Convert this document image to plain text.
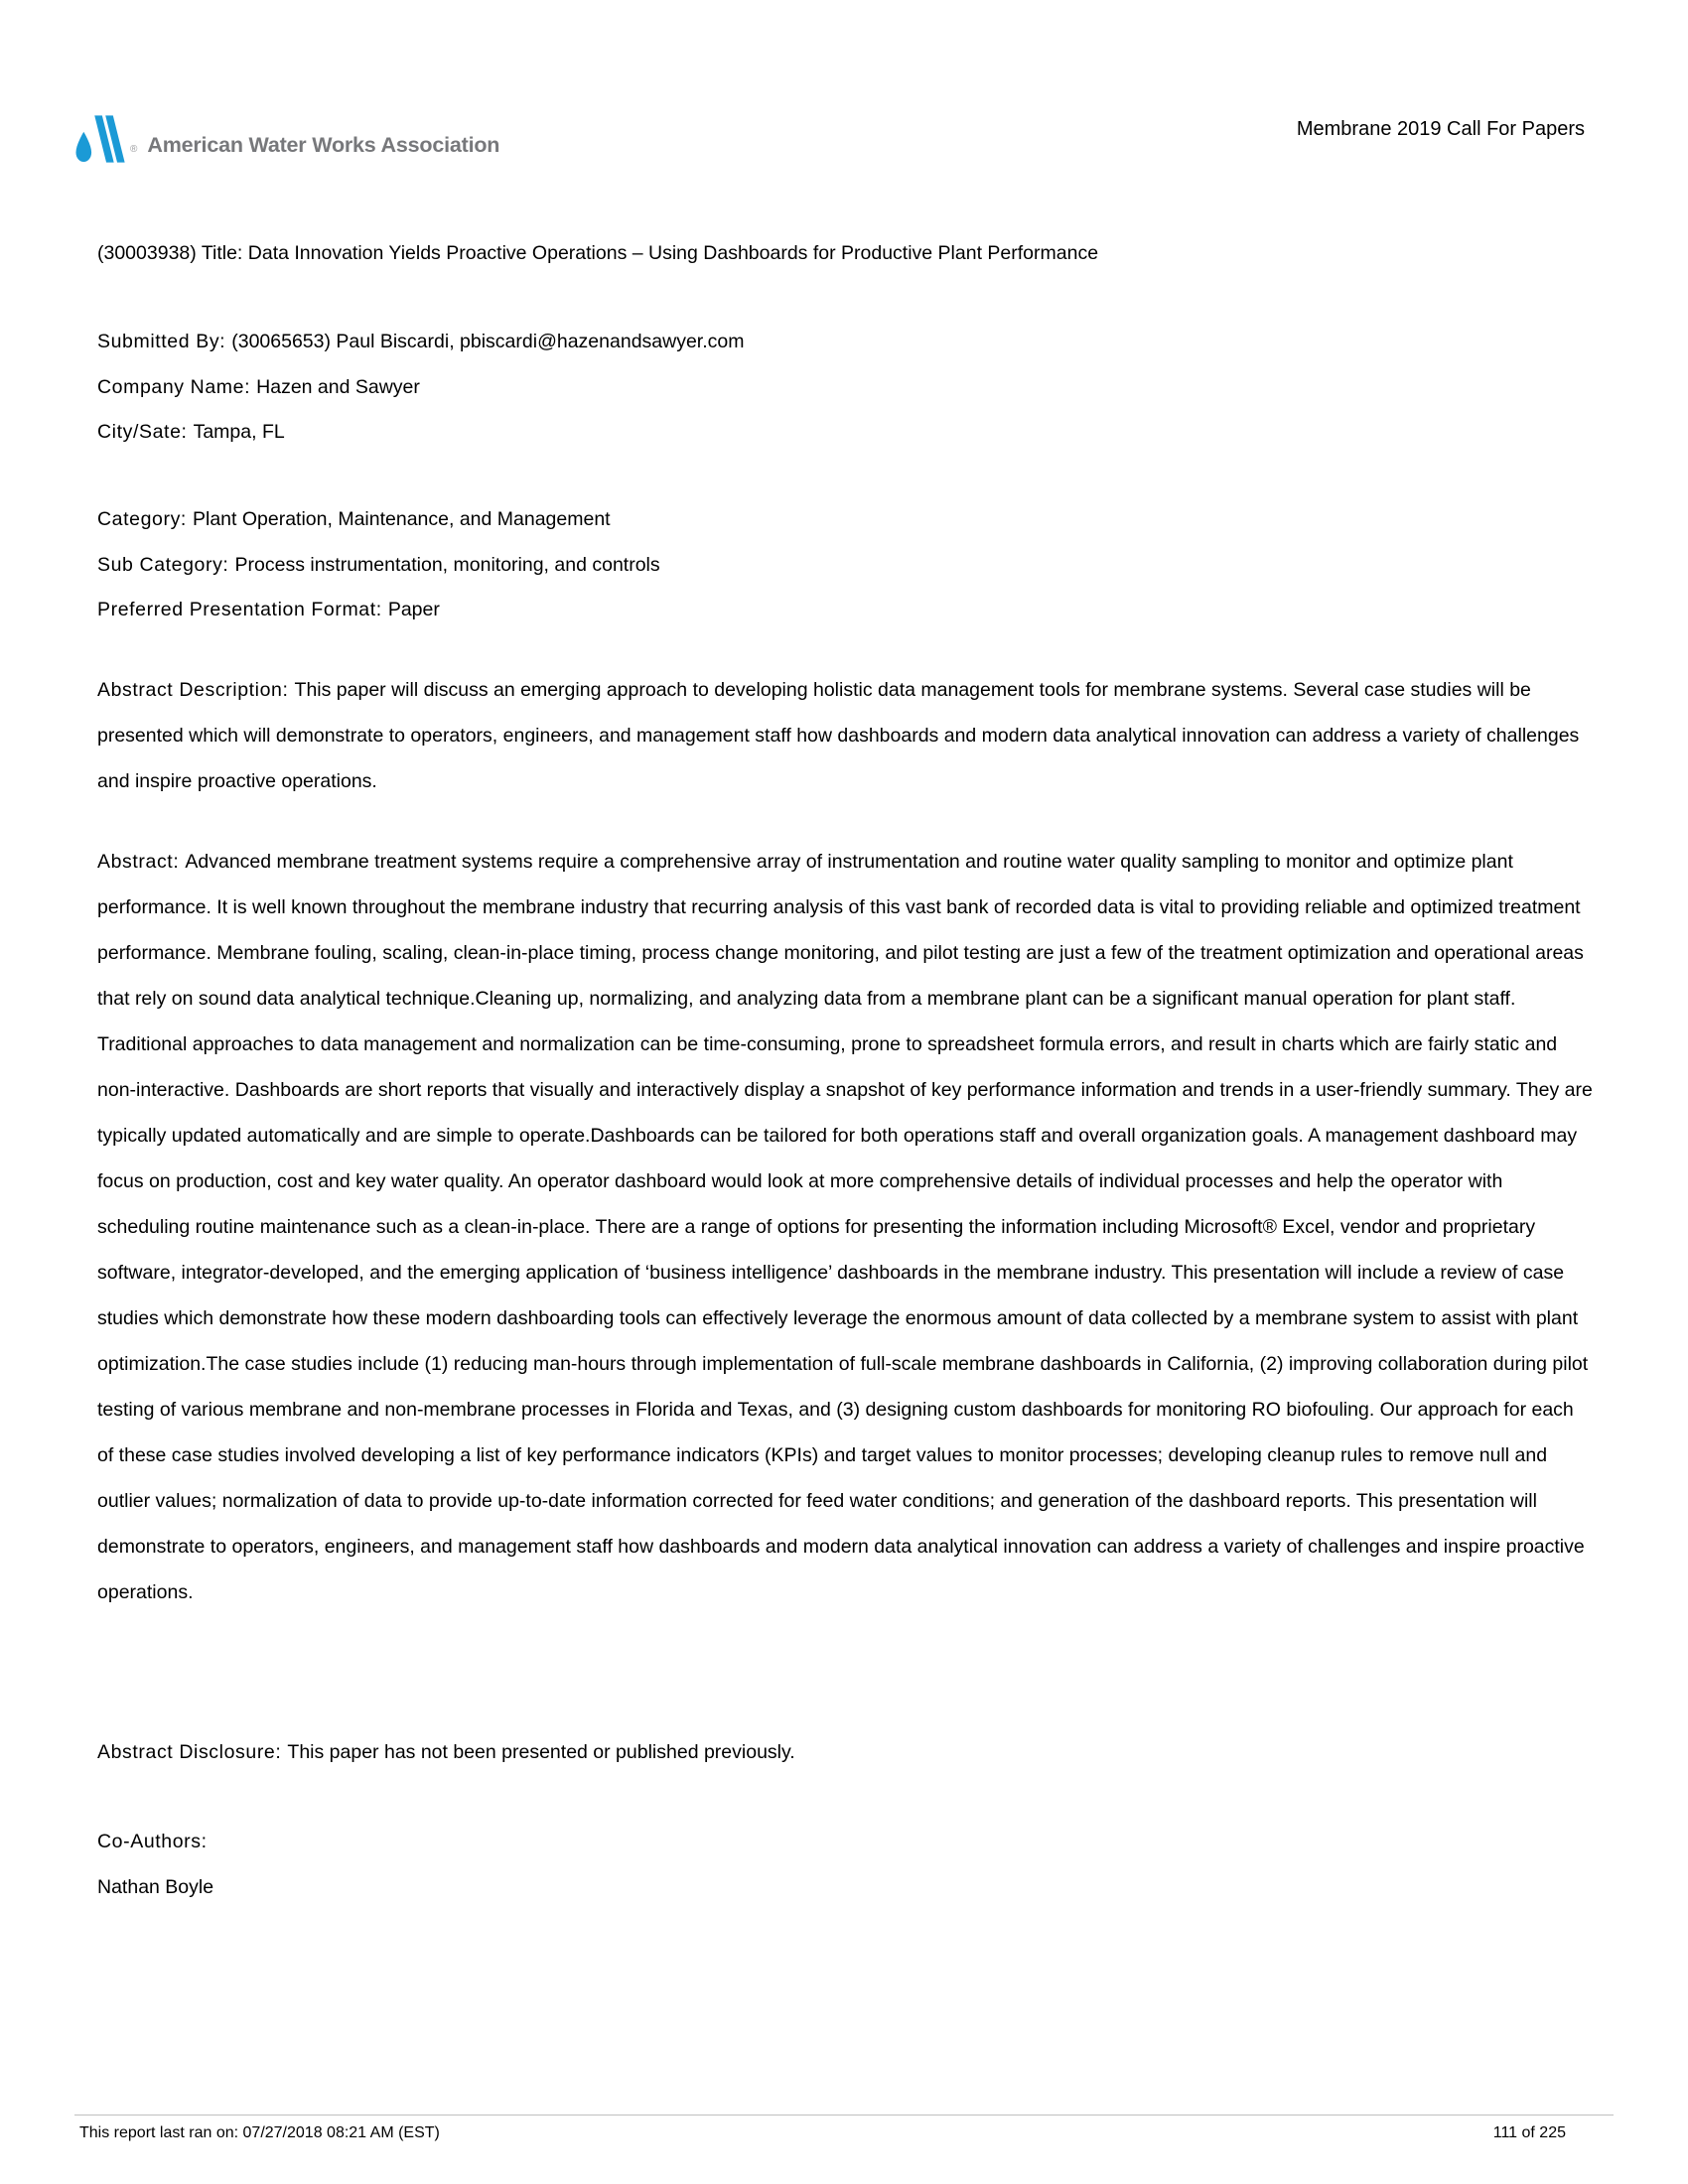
® American Water Works Association
Membrane 2019 Call For Papers
(30003938) Title: Data Innovation Yields Proactive Operations – Using Dashboards for Productive Plant Performance
Submitted By: (30065653) Paul Biscardi, pbiscardi@hazenandsawyer.com
Company Name: Hazen and Sawyer
City/Sate: Tampa, FL
Category: Plant Operation, Maintenance, and Management
Sub Category: Process instrumentation, monitoring, and controls
Preferred Presentation Format: Paper
Abstract Description: This paper will discuss an emerging approach to developing holistic data management tools for membrane systems. Several case studies will be presented which will demonstrate to operators, engineers, and management staff how dashboards and modern data analytical innovation can address a variety of challenges and inspire proactive operations.
Abstract: Advanced membrane treatment systems require a comprehensive array of instrumentation and routine water quality sampling to monitor and optimize plant performance. It is well known throughout the membrane industry that recurring analysis of this vast bank of recorded data is vital to providing reliable and optimized treatment performance. Membrane fouling, scaling, clean-in-place timing, process change monitoring, and pilot testing are just a few of the treatment optimization and operational areas that rely on sound data analytical technique.Cleaning up, normalizing, and analyzing data from a membrane plant can be a significant manual operation for plant staff. Traditional approaches to data management and normalization can be time-consuming, prone to spreadsheet formula errors, and result in charts which are fairly static and non-interactive. Dashboards are short reports that visually and interactively display a snapshot of key performance information and trends in a user-friendly summary. They are typically updated automatically and are simple to operate.Dashboards can be tailored for both operations staff and overall organization goals. A management dashboard may focus on production, cost and key water quality. An operator dashboard would look at more comprehensive details of individual processes and help the operator with scheduling routine maintenance such as a clean-in-place. There are a range of options for presenting the information including Microsoft® Excel, vendor and proprietary software, integrator-developed, and the emerging application of ‘business intelligence’ dashboards in the membrane industry. This presentation will include a review of case studies which demonstrate how these modern dashboarding tools can effectively leverage the enormous amount of data collected by a membrane system to assist with plant optimization.The case studies include (1) reducing man-hours through implementation of full-scale membrane dashboards in California, (2) improving collaboration during pilot testing of various membrane and non-membrane processes in Florida and Texas, and (3) designing custom dashboards for monitoring RO biofouling. Our approach for each of these case studies involved developing a list of key performance indicators (KPIs) and target values to monitor processes; developing cleanup rules to remove null and outlier values; normalization of data to provide up-to-date information corrected for feed water conditions; and generation of the dashboard reports. This presentation will demonstrate to operators, engineers, and management staff how dashboards and modern data analytical innovation can address a variety of challenges and inspire proactive operations.
Abstract Disclosure: This paper has not been presented or published previously.
Co-Authors:
Nathan Boyle
This report last ran on: 07/27/2018 08:21 AM (EST)	111 of 225
